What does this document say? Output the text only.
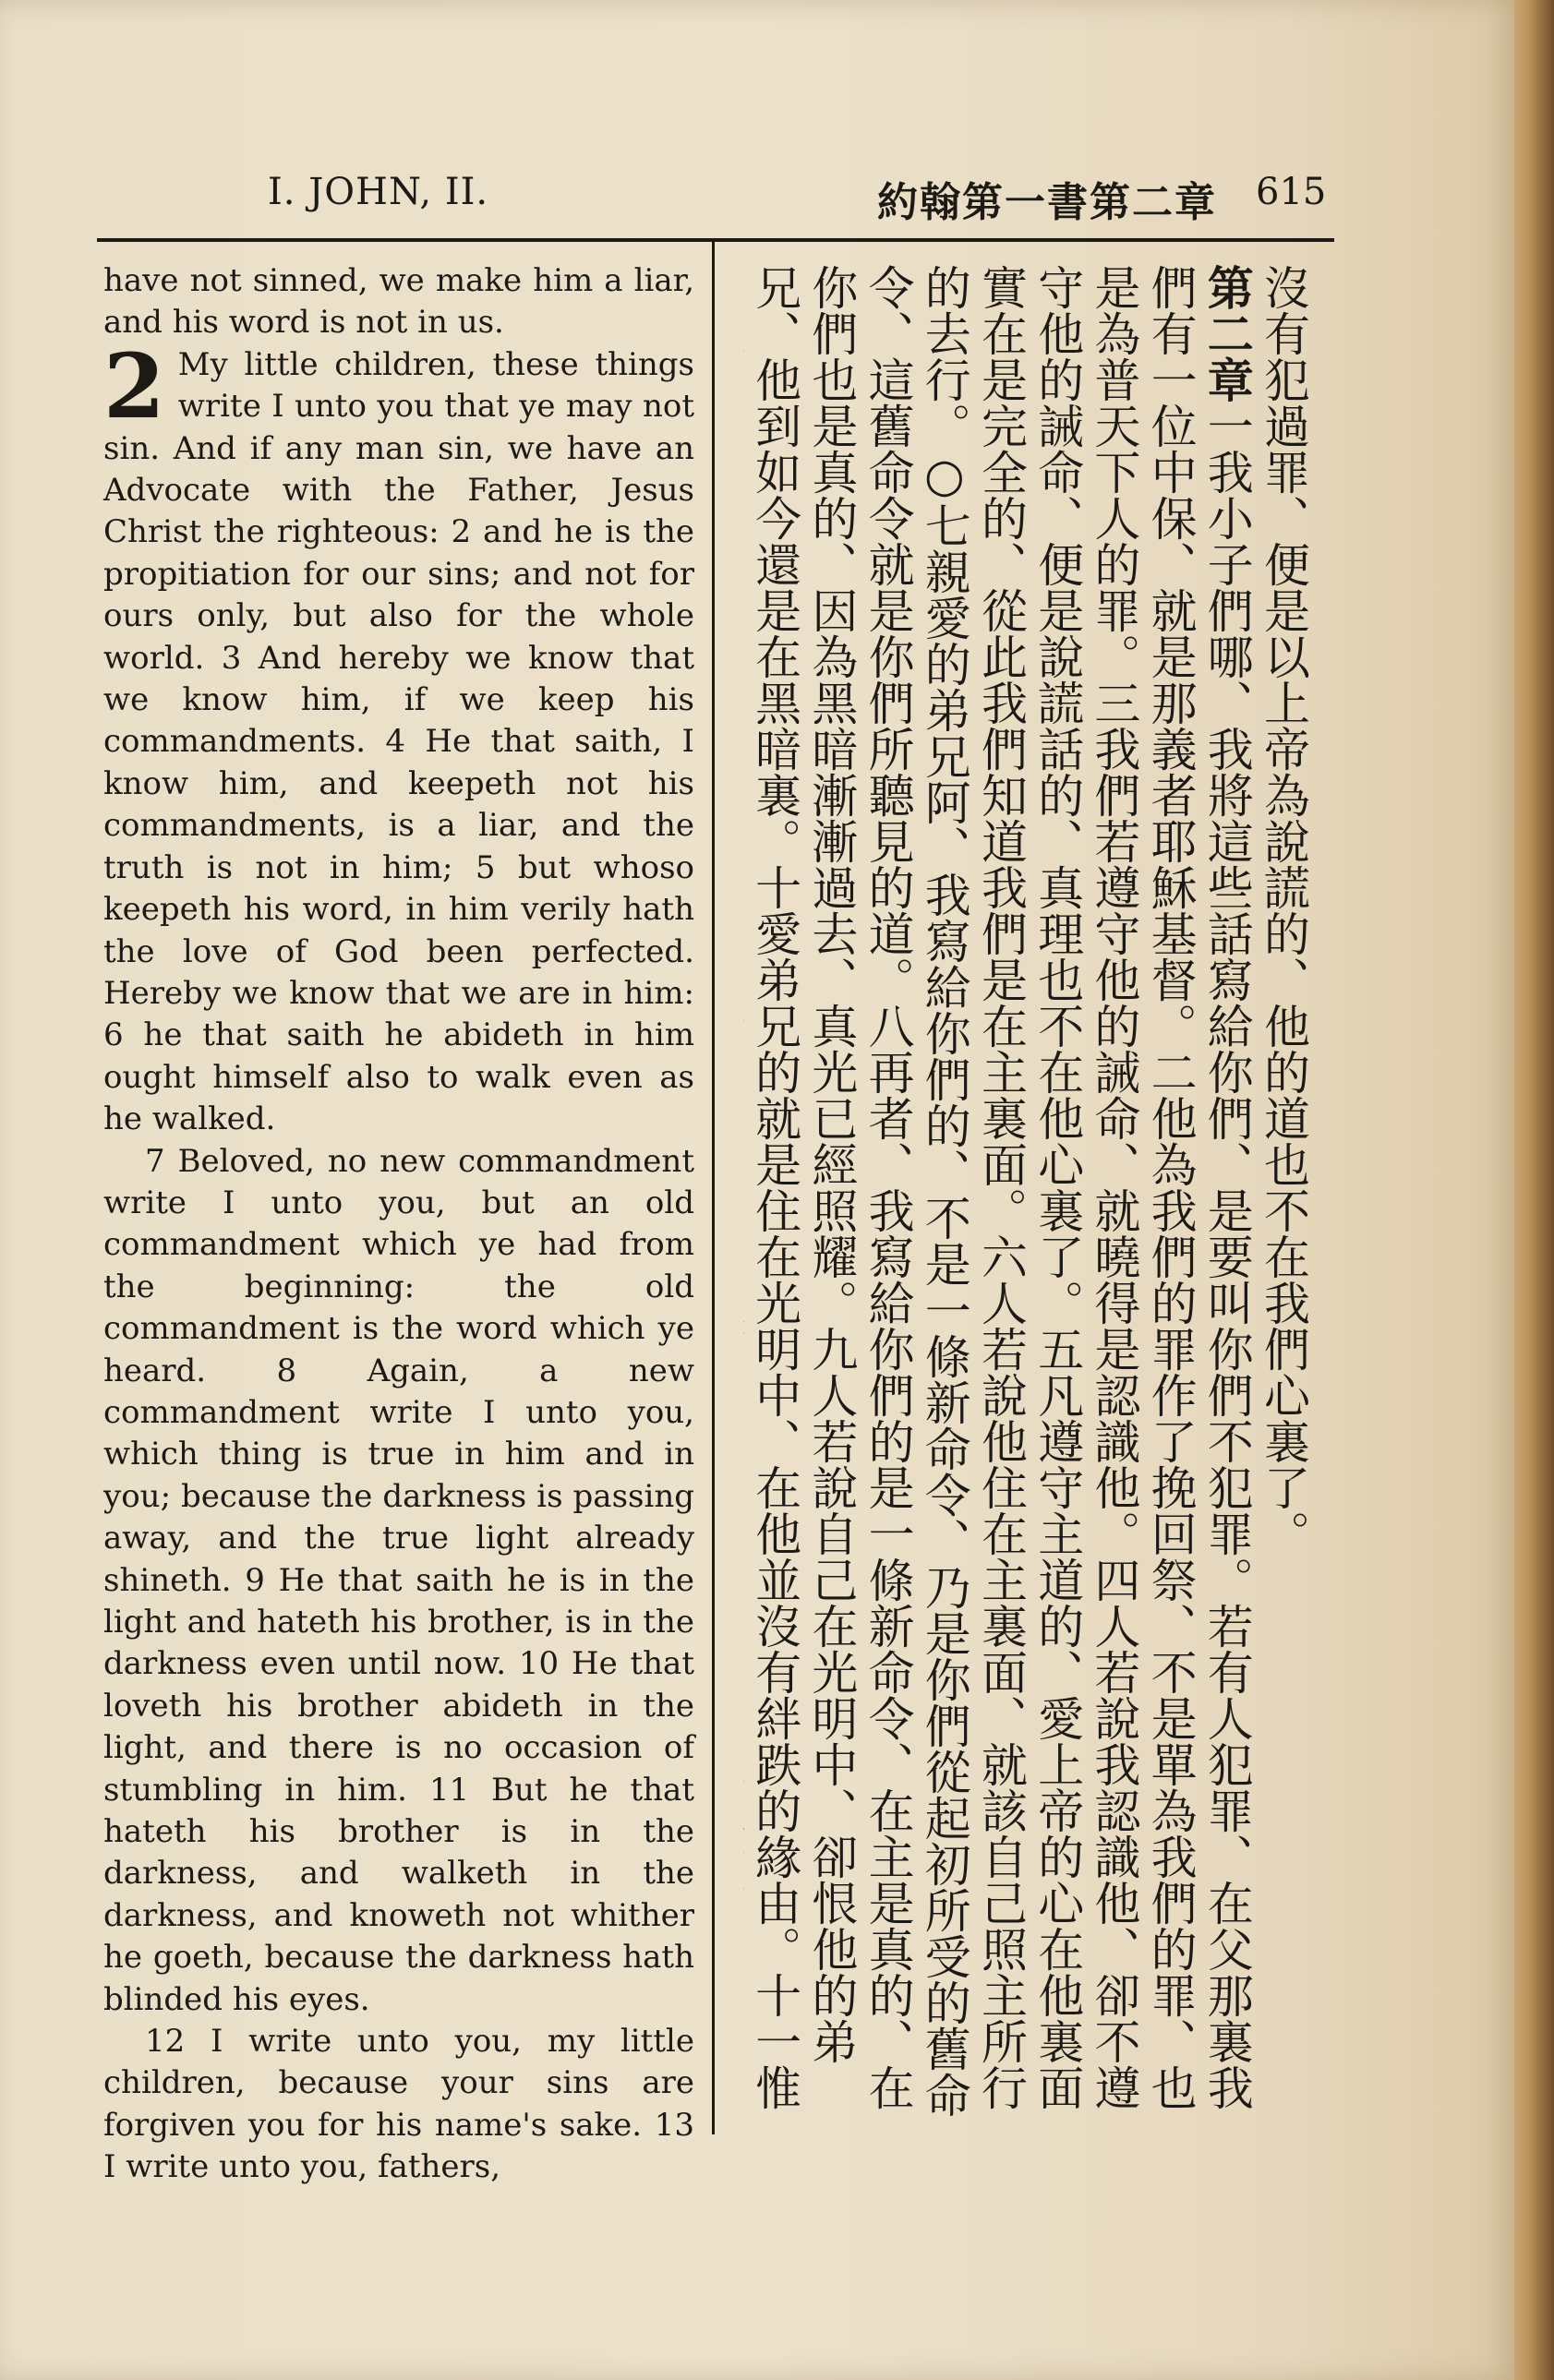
I. JOHN, II.	約翰第一書第二章 615

have not sinned, we make him a liar, and his word is not in us.

2 My little children, these things write I unto you that ye may not sin. And if any man sin, we have an Advocate with the Father, Jesus Christ the righteous: 2 and he is the propitiation for our sins; and not for ours only, but also for the whole world. 3 And hereby we know that we know him, if we keep his commandments. 4 He that saith, I know him, and keepeth not his commandments, is a liar, and the truth is not in him; 5 but whoso keepeth his word, in him verily hath the love of God been perfected. Hereby we know that we are in him: 6 he that saith he abideth in him ought himself also to walk even as he walked.

7 Beloved, no new commandment write I unto you, but an old commandment which ye had from the beginning: the old commandment is the word which ye heard. 8 Again, a new commandment write I unto you, which thing is true in him and in you; because the darkness is passing away, and the true light already shineth. 9 He that saith he is in the light and hateth his brother, is in the darkness even until now. 10 He that loveth his brother abideth in the light, and there is no occasion of stumbling in him. 11 But he that hateth his brother is in the darkness, and walketh in the darkness, and knoweth not whither he goeth, because the darkness hath blinded his eyes.

12 I write unto you, my little children, because your sins are forgiven you for his name's sake. 13 I write unto you, fathers,

沒有犯過罪、便是以上帝為說謊的、他的道也不在我們心裏了。

第二章一我小子們哪、我將這些話寫給你們、是要叫你們不犯罪。若有人犯罪、在父那裏我們有一位中保、就是那義者耶穌基督。二他為我們的罪作了挽回祭、不是單為我們的罪、也是為普天下人的罪。三我們若遵守他的誡命、就曉得是認識他。四人若說我認識他、卻不遵守他的誡命、便是說謊話的、真理也不在他心裏了。五凡遵守主道的、愛上帝的心在他裏面實在是完全的、從此我們知道我們是在主裏面。六人若說他住在主裏面、就該自己照主所行的去行。○七親愛的弟兄阿、我寫給你們的、不是一條新命令、乃是你們從起初所受的舊命令、這舊命令就是你們所聽見的道。八再者、我寫給你們的是一條新命令、在主是真的、在你們也是真的、因為黑暗漸漸過去、真光已經照耀。九人若說自己在光明中、卻恨他的弟兄、他到如今還是在黑暗裏。十愛弟兄的就是住在光明中、在他並沒有絆跌的緣由。十一惟
